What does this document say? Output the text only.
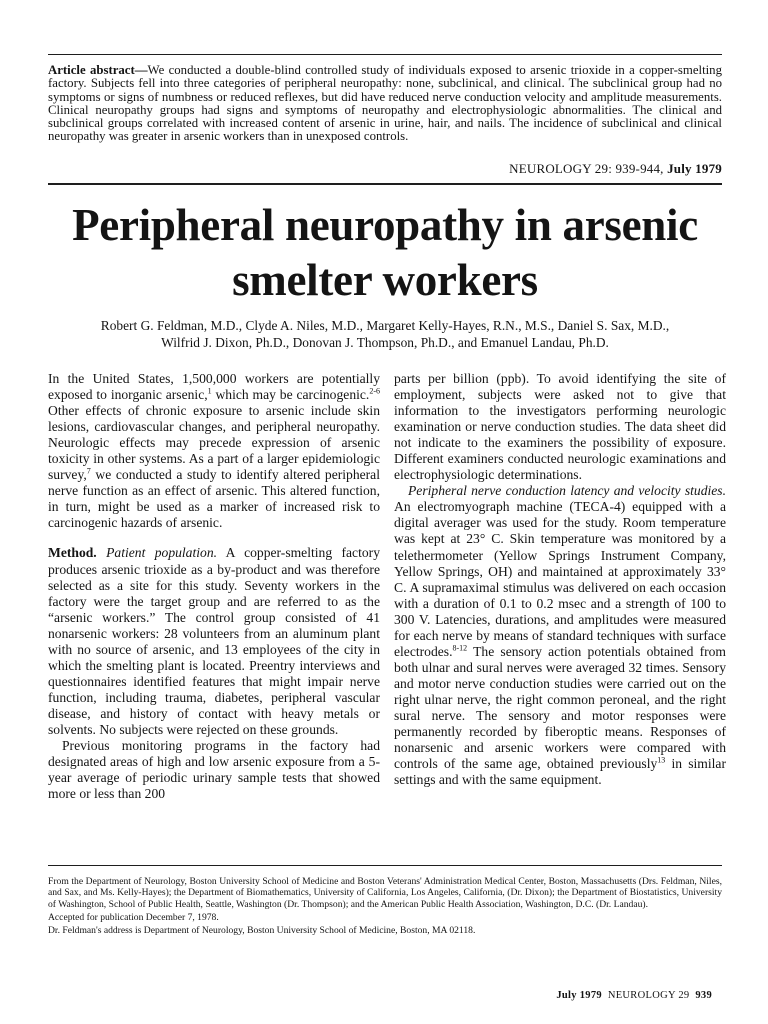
Article abstract—We conducted a double-blind controlled study of individuals exposed to arsenic trioxide in a copper-smelting factory. Subjects fell into three categories of peripheral neuropathy: none, subclinical, and clinical. The subclinical group had no symptoms or signs of numbness or reduced reflexes, but did have reduced nerve conduction velocity and amplitude measurements. Clinical neuropathy groups had signs and symptoms of neuropathy and electrophysiologic abnormalities. The clinical and subclinical groups correlated with increased content of arsenic in urine, hair, and nails. The incidence of subclinical and clinical neuropathy was greater in arsenic workers than in unexposed controls.
NEUROLOGY 29: 939-944, July 1979
Peripheral neuropathy in arsenic
smelter workers
Robert G. Feldman, M.D., Clyde A. Niles, M.D., Margaret Kelly-Hayes, R.N., M.S., Daniel S. Sax, M.D.,
Wilfrid J. Dixon, Ph.D., Donovan J. Thompson, Ph.D., and Emanuel Landau, Ph.D.

In the United States, 1,500,000 workers are potentially exposed to inorganic arsenic,$^1$ which may be carcinogenic.$^{2-6}$ Other effects of chronic exposure to arsenic include skin lesions, cardiovascular changes, and peripheral neuropathy. Neurologic effects may precede expression of arsenic toxicity in other systems. As a part of a larger epidemiologic survey,$^7$ we conducted a study to identify altered peripheral nerve function as an effect of arsenic. This altered function, in turn, might be used as a marker of increased risk to carcinogenic hazards of arsenic.

Method. Patient population. A copper-smelting factory produces arsenic trioxide as a by-product and was therefore selected as a site for this study. Seventy workers in the factory were the target group and are referred to as the “arsenic workers.” The control group consisted of 41 nonarsenic workers: 28 volunteers from an aluminum plant with no source of arsenic, and 13 employees of the city in which the smelting plant is located. Preentry interviews and questionnaires identified features that might impair nerve function, including trauma, diabetes, peripheral vascular disease, and history of contact with heavy metals or solvents. No subjects were rejected on these grounds.

Previous monitoring programs in the factory had designated areas of high and low arsenic exposure from a 5-year average of periodic urinary sample tests that showed more or less than 200

parts per billion (ppb). To avoid identifying the site of employment, subjects were asked not to give that information to the investigators performing neurologic examination or nerve conduction studies. The data sheet did not indicate to the examiners the possibility of exposure. Different examiners conducted neurologic examinations and electrophysiologic determinations.

Peripheral nerve conduction latency and velocity studies. An electromyograph machine (TECA-4) equipped with a digital averager was used for the study. Room temperature was kept at 23° C. Skin temperature was monitored by a telethermometer (Yellow Springs Instrument Company, Yellow Springs, OH) and maintained at approximately 33° C. A supramaximal stimulus was delivered on each occasion with a duration of 0.1 to 0.2 msec and a strength of 100 to 300 V. Latencies, durations, and amplitudes were measured for each nerve by means of standard techniques with surface electrodes.$^{8-12}$ The sensory action potentials obtained from both ulnar and sural nerves were averaged 32 times. Sensory and motor nerve conduction studies were carried out on the right ulnar nerve, the right common peroneal, and the right sural nerve. The sensory and motor responses were permanently recorded by fiberoptic means. Responses of nonarsenic and arsenic workers were compared with controls of the same age, obtained previously$^{13}$ in similar settings and with the same equipment.

From the Department of Neurology, Boston University School of Medicine and Boston Veterans' Administration Medical Center, Boston, Massachusetts (Drs. Feldman, Niles, and Sax, and Ms. Kelly-Hayes); the Department of Biomathematics, University of California, Los Angeles, California, (Dr. Dixon); the Department of Biostatistics, University of Washington, School of Public Health, Seattle, Washington (Dr. Thompson); and the American Public Health Association, Washington, D.C. (Dr. Landau).

Accepted for publication December 7, 1978.

Dr. Feldman's address is Department of Neurology, Boston University School of Medicine, Boston, MA 02118.

July 1979 NEUROLOGY 29 939
